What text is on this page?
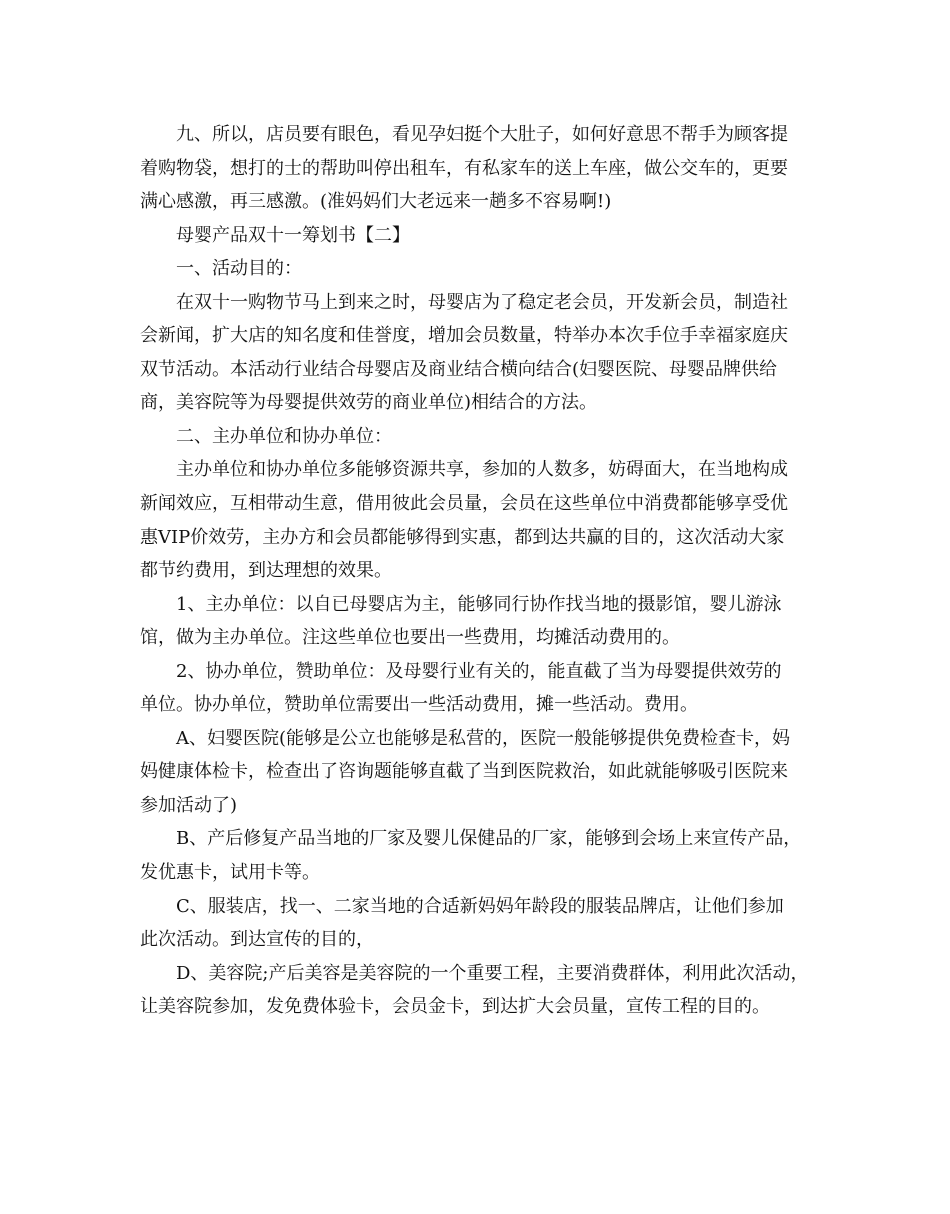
九、所以，店员要有眼色，看见孕妇挺个大肚子，如何好意思不帮手为顾客提
着购物袋，想打的士的帮助叫停出租车，有私家车的送上车座，做公交车的，更要
满心感激，再三感激。(准妈妈们大老远来一趟多不容易啊!)
母婴产品双十一筹划书【二】
一、活动目的：
在双十一购物节马上到来之时，母婴店为了稳定老会员，开发新会员，制造社
会新闻，扩大店的知名度和佳誉度，增加会员数量，特举办本次手位手幸福家庭庆
双节活动。本活动行业结合母婴店及商业结合横向结合(妇婴医院、母婴品牌供给
商，美容院等为母婴提供效劳的商业单位)相结合的方法。
二、主办单位和协办单位：
主办单位和协办单位多能够资源共享，参加的人数多，妨碍面大，在当地构成
新闻效应，互相带动生意，借用彼此会员量，会员在这些单位中消费都能够享受优
惠VIP价效劳，主办方和会员都能够得到实惠，都到达共赢的目的，这次活动大家
都节约费用，到达理想的效果。
1、主办单位：以自已母婴店为主，能够同行协作找当地的摄影馆，婴儿游泳
馆，做为主办单位。注这些单位也要出一些费用，均摊活动费用的。
2、协办单位，赞助单位：及母婴行业有关的，能直截了当为母婴提供效劳的
单位。协办单位，赞助单位需要出一些活动费用，摊一些活动。费用。
A、妇婴医院(能够是公立也能够是私营的，医院一般能够提供免费检查卡，妈
妈健康体检卡，检查出了咨询题能够直截了当到医院救治，如此就能够吸引医院来
参加活动了)
B、产后修复产品当地的厂家及婴儿保健品的厂家，能够到会场上来宣传产品，
发优惠卡，试用卡等。
C、服装店，找一、二家当地的合适新妈妈年龄段的服装品牌店，让他们参加
此次活动。到达宣传的目的，
D、美容院;产后美容是美容院的一个重要工程，主要消费群体，利用此次活动，
让美容院参加，发免费体验卡，会员金卡，到达扩大会员量，宣传工程的目的。
